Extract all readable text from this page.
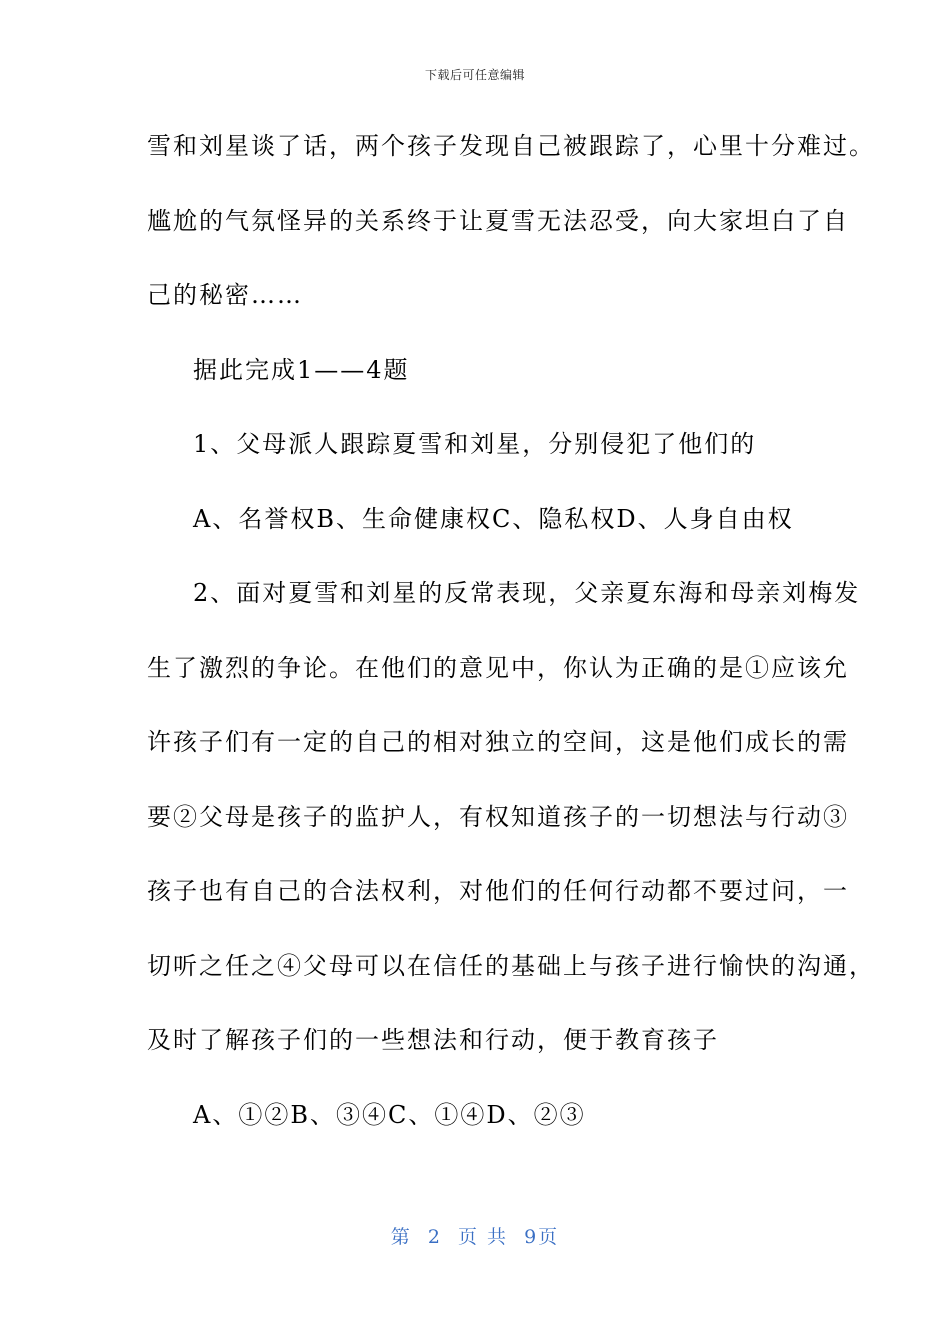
下载后可任意编辑
雪和刘星谈了话，两个孩子发现自己被跟踪了，心里十分难过。
尴尬的气氛怪异的关系终于让夏雪无法忍受，向大家坦白了自
己的秘密……
据此完成1——4题
1、父母派人跟踪夏雪和刘星，分别侵犯了他们的
A、名誉权B、生命健康权C、隐私权D、人身自由权
2、面对夏雪和刘星的反常表现，父亲夏东海和母亲刘梅发
生了激烈的争论。在他们的意见中，你认为正确的是①应该允
许孩子们有一定的自己的相对独立的空间，这是他们成长的需
要②父母是孩子的监护人，有权知道孩子的一切想法与行动③
孩子也有自己的合法权利，对他们的任何行动都不要过问，一
切听之任之④父母可以在信任的基础上与孩子进行愉快的沟通，
及时了解孩子们的一些想法和行动，便于教育孩子
A、①②B、③④C、①④D、②③
第 2 页 共 9页
